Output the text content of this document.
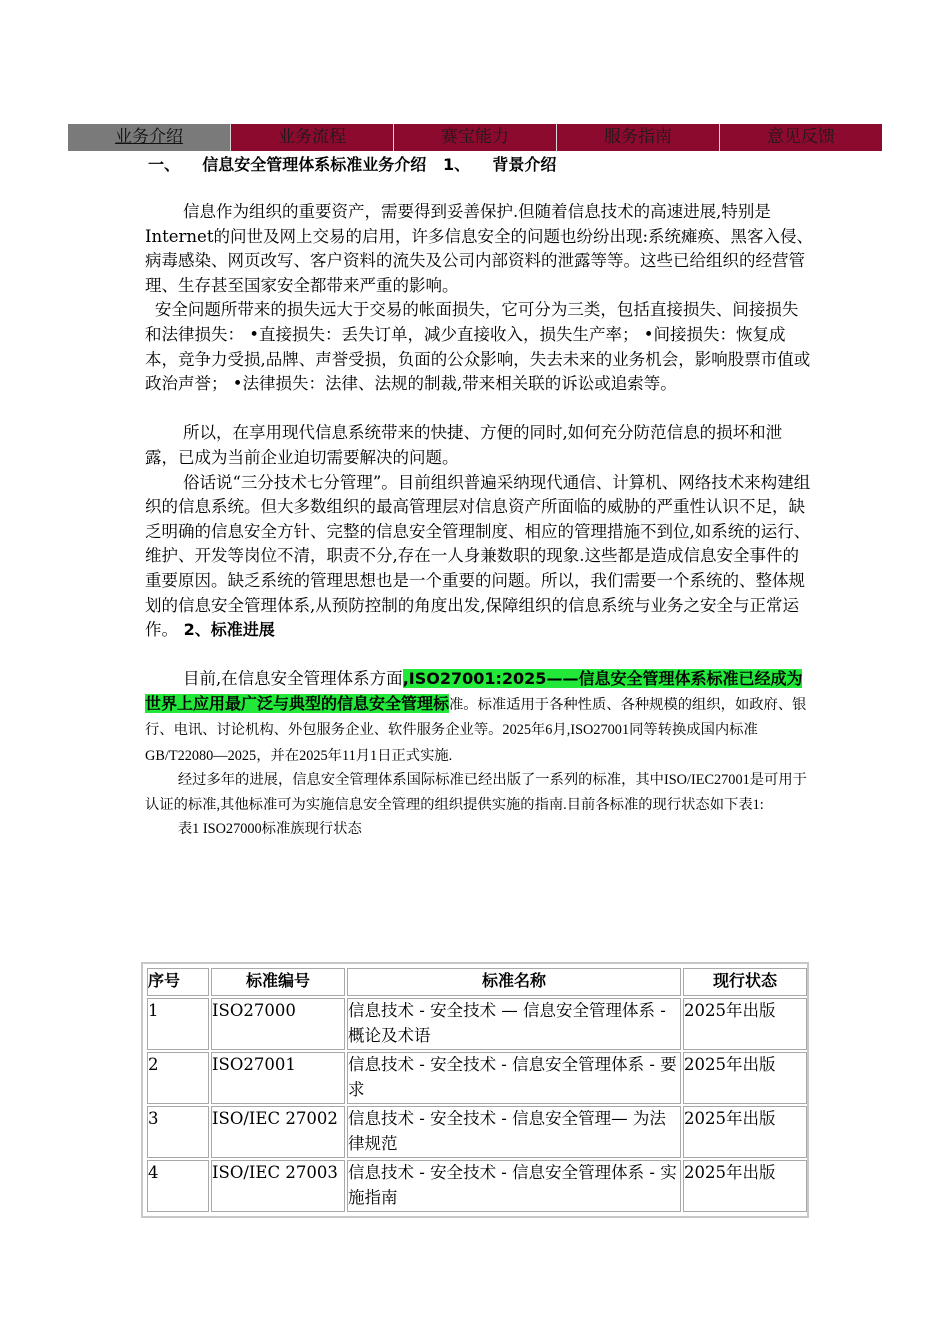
业务介绍	业务流程	赛宝能力	服务指南	意见反馈
一、    信息安全管理体系标准业务介绍   1、    背景介绍

信息作为组织的重要资产，需要得到妥善保护.但随着信息技术的高速进展,特别是Internet的问世及网上交易的启用，许多信息安全的问题也纷纷出现:系统瘫痪、黑客入侵、病毒感染、网页改写、客户资料的流失及公司内部资料的泄露等等。这些已给组织的经营管理、生存甚至国家安全都带来严重的影响。

安全问题所带来的损失远大于交易的帐面损失，它可分为三类，包括直接损失、间接损失和法律损失： •直接损失：丢失订单，减少直接收入，损失生产率； •间接损失：恢复成本，竞争力受损,品牌、声誉受损，负面的公众影响，失去未来的业务机会，影响股票市值或政治声誉； •法律损失：法律、法规的制裁,带来相关联的诉讼或追索等。

所以，在享用现代信息系统带来的快捷、方便的同时,如何充分防范信息的损坏和泄露，已成为当前企业迫切需要解决的问题。

俗话说“三分技术七分管理”。目前组织普遍采纳现代通信、计算机、网络技术来构建组织的信息系统。但大多数组织的最高管理层对信息资产所面临的威胁的严重性认识不足，缺乏明确的信息安全方针、完整的信息安全管理制度、相应的管理措施不到位,如系统的运行、维护、开发等岗位不清，职责不分,存在一人身兼数职的现象.这些都是造成信息安全事件的重要原因。缺乏系统的管理思想也是一个重要的问题。所以，我们需要一个系统的、整体规划的信息安全管理体系,从预防控制的角度出发,保障组织的信息系统与业务之安全与正常运作。 2、标准进展

目前,在信息安全管理体系方面,ISO27001:2025——信息安全管理体系标准已经成为世界上应用最广泛与典型的信息安全管理标准。标准适用于各种性质、各种规模的组织，如政府、银行、电讯、讨论机构、外包服务企业、软件服务企业等。2025年6月,ISO27001同等转换成国内标准GB/T22080—2025，并在2025年11月1日正式实施.

经过多年的进展，信息安全管理体系国际标准已经出版了一系列的标准，其中ISO/IEC27001是可用于认证的标准,其他标准可为实施信息安全管理的组织提供实施的指南.目前各标准的现行状态如下表1:

表1 ISO27000标准族现行状态

序号	标准编号	标准名称	现行状态
1	ISO27000	信息技术 - 安全技术 — 信息安全管理体系 - 概论及术语	2025年出版
2	ISO27001	信息技术 - 安全技术 - 信息安全管理体系 - 要求	2025年出版
3	ISO/IEC 27002	信息技术 - 安全技术 - 信息安全管理— 为法律规范	2025年出版
4	ISO/IEC 27003	信息技术 - 安全技术 - 信息安全管理体系 - 实施指南	2025年出版
